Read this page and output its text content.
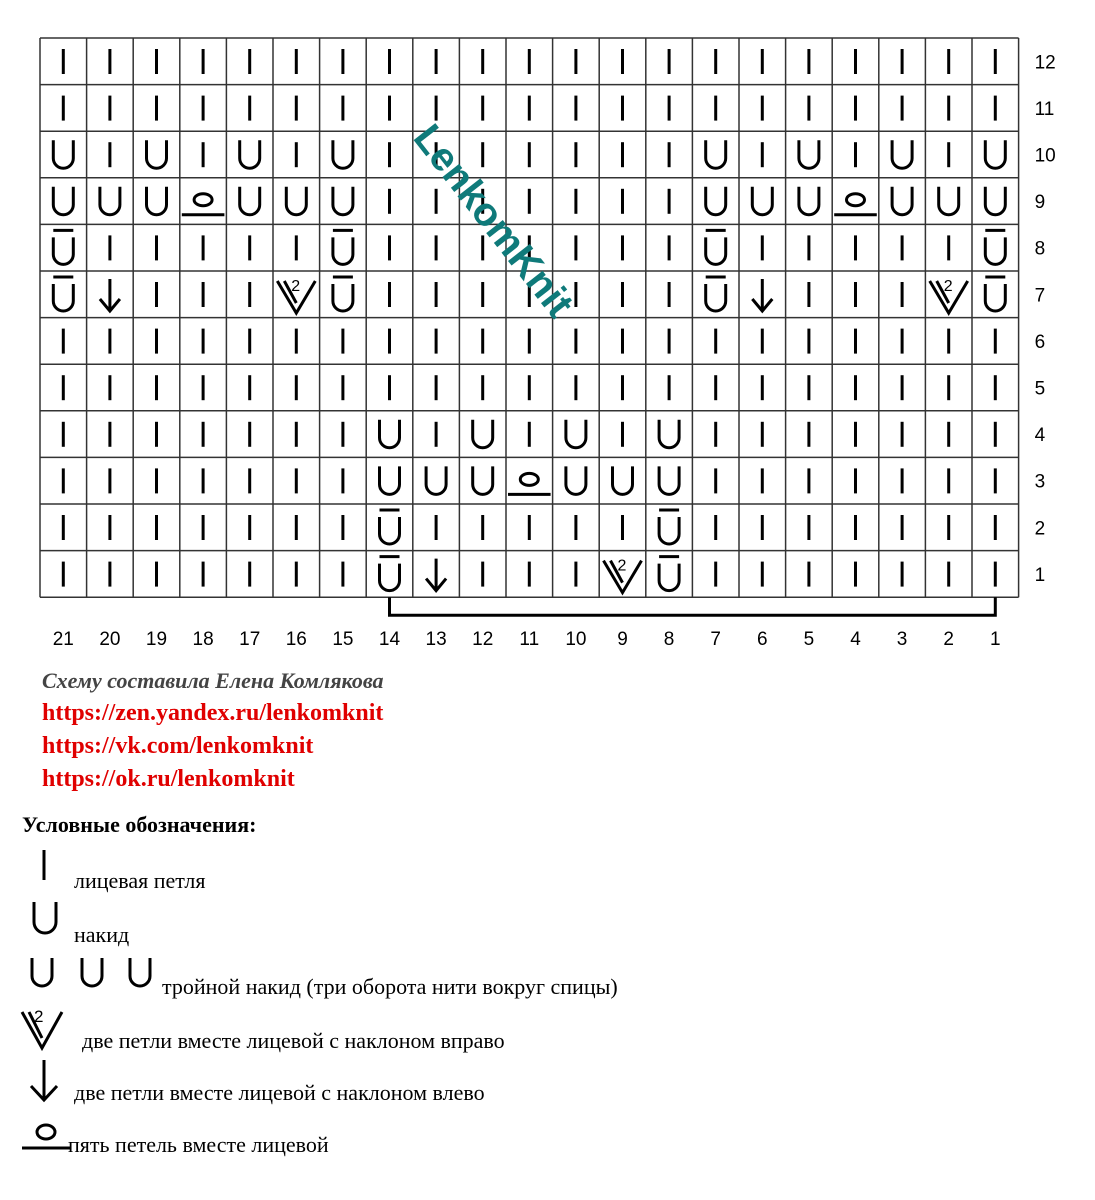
2	2
2
12
11
10
9
8
7
6
5
4
3
2
1
21 20 19 18 17 16 15 14 13 12 11 10 9 8 7 6 5 4 3 2 1
LenkomKnit
Схему составила Елена Комлякова
https://zen.yandex.ru/lenkomknit
https://vk.com/lenkomknit
https://ok.ru/lenkomknit
Условные обозначения:
лицевая петля
накид
тройной накид (три оборота нити вокруг спицы)
2
две петли вместе лицевой с наклоном вправо
две петли вместе лицевой с наклоном влево
пять петель вместе лицевой
